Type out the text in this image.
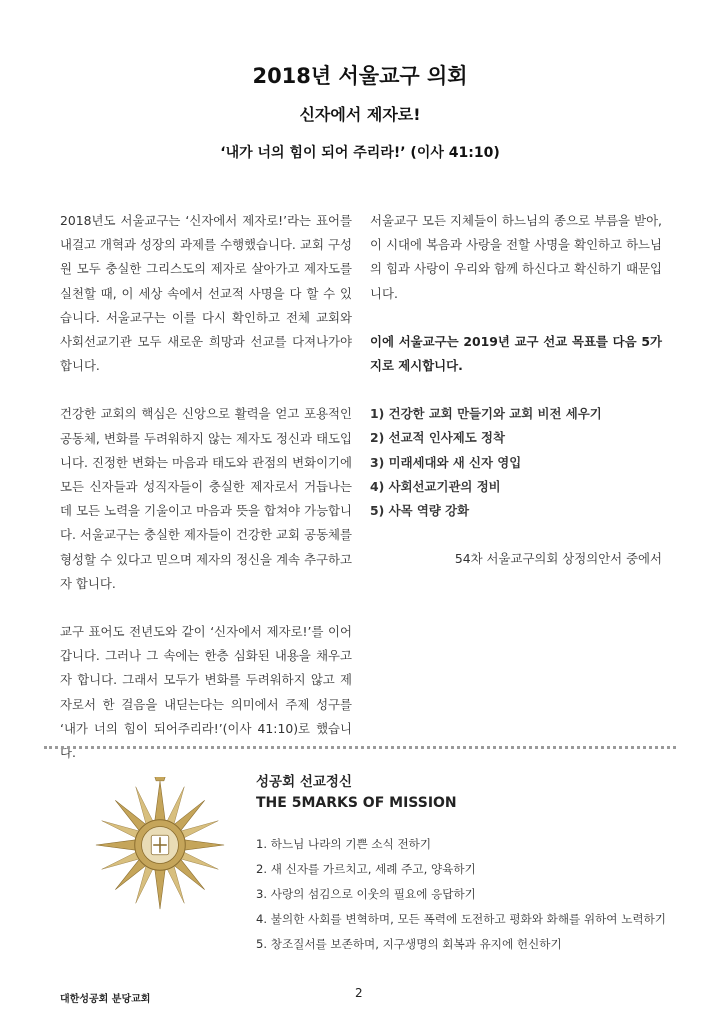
2018년 서울교구 의회
신자에서 제자로!
‘내가 너의 힘이 되어 주리라!’ (이사 41:10)

2018년도 서울교구는 ‘신자에서 제자로!’라는 표어를 내걸고 개혁과 성장의 과제를 수행했습니다. 교회 구성원 모두 충실한 그리스도의 제자로 살아가고 제자도를 실천할 때, 이 세상 속에서 선교적 사명을 다 할 수 있습니다. 서울교구는 이를 다시 확인하고 전체 교회와 사회선교기관 모두 새로운 희망과 선교를 다져나가야 합니다.

건강한 교회의 핵심은 신앙으로 활력을 얻고 포용적인 공동체, 변화를 두려워하지 않는 제자도 정신과 태도입니다. 진정한 변화는 마음과 태도와 관점의 변화이기에 모든 신자들과 성직자들이 충실한 제자로서 거듭나는데 모든 노력을 기울이고 마음과 뜻을 합쳐야 가능합니다. 서울교구는 충실한 제자들이 건강한 교회 공동체를 형성할 수 있다고 믿으며 제자의 정신을 계속 추구하고자 합니다.

교구 표어도 전년도와 같이 ‘신자에서 제자로!’를 이어갑니다. 그러나 그 속에는 한층 심화된 내용을 채우고자 합니다. 그래서 모두가 변화를 두려워하지 않고 제자로서 한 걸음을 내딛는다는 의미에서 주제 성구를 ‘내가 너의 힘이 되어주리라!’(이사 41:10)로 했습니다.

서울교구 모든 지체들이 하느님의 종으로 부름을 받아, 이 시대에 복음과 사랑을 전할 사명을 확인하고 하느님의 힘과 사랑이 우리와 함께 하신다고 확신하기 때문입니다.

이에 서울교구는 2019년 교구 선교 목표를 다음 5가지로 제시합니다.

1) 건강한 교회 만들기와 교회 비전 세우기
2) 선교적 인사제도 정착
3) 미래세대와 새 신자 영입
4) 사회선교기관의 정비
5) 사목 역량 강화

54차 서울교구의회 상정의안서 중에서

성공회 선교정신
THE 5MARKS OF MISSION
1. 하느님 나라의 기쁜 소식 전하기
2. 새 신자를 가르치고, 세례 주고, 양육하기
3. 사랑의 섬김으로 이웃의 필요에 응답하기
4. 불의한 사회를 변혁하며, 모든 폭력에 도전하고 평화와 화해를 위하여 노력하기
5. 창조질서를 보존하며, 지구생명의 회복과 유지에 헌신하기
대한성공회 분당교회	2
